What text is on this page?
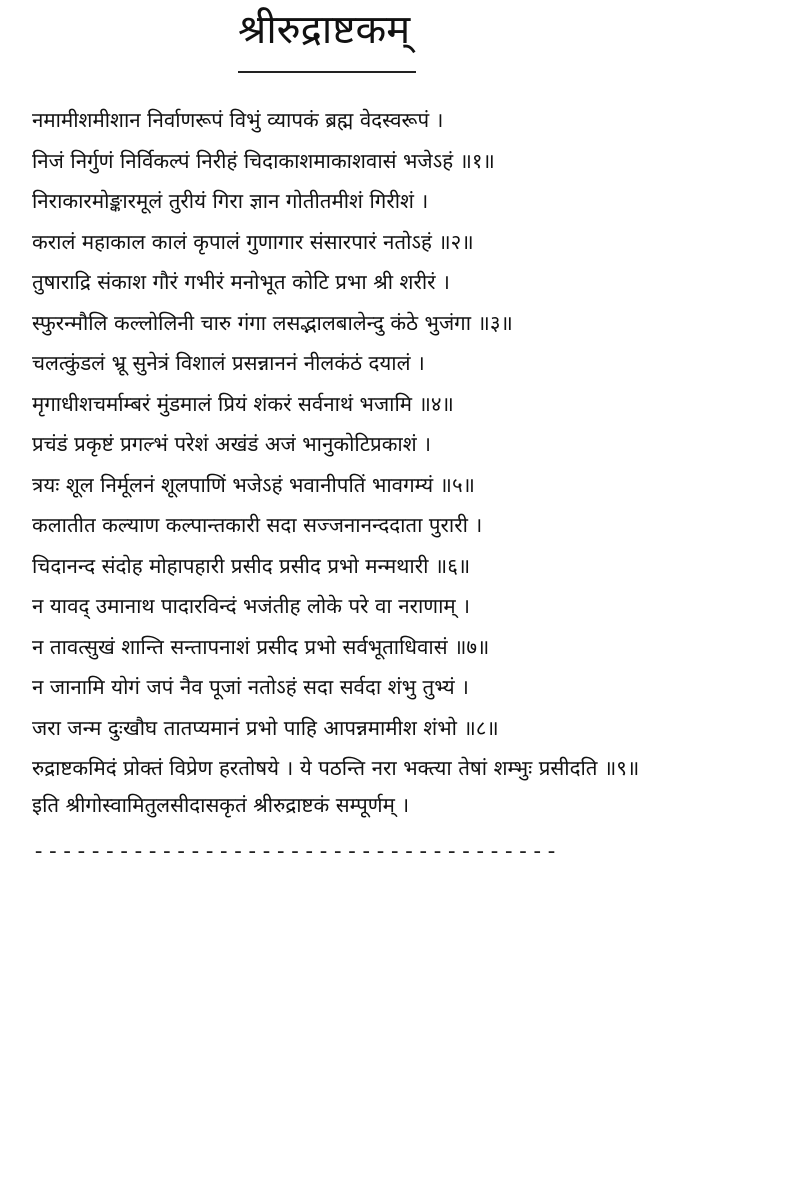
श्रीरुद्राष्टकम्
नमामीशमीशान निर्वाणरूपं विभुं व्यापकं ब्रह्म वेदस्वरूपं ।
निजं निर्गुणं निर्विकल्पं निरीहं चिदाकाशमाकाशवासं भजेऽहं ॥१॥
निराकारमोङ्कारमूलं तुरीयं गिरा ज्ञान गोतीतमीशं गिरीशं ।
करालं महाकाल कालं कृपालं गुणागार संसारपारं नतोऽहं ॥२॥
तुषाराद्रि संकाश गौरं गभीरं मनोभूत कोटि प्रभा श्री शरीरं ।
स्फुरन्मौलि कल्लोलिनी चारु गंगा लसद्भालबालेन्दु कंठे भुजंगा ॥३॥
चलत्कुंडलं भ्रू सुनेत्रं विशालं प्रसन्नाननं नीलकंठं दयालं ।
मृगाधीशचर्माम्बरं मुंडमालं प्रियं शंकरं सर्वनाथं भजामि ॥४॥
प्रचंडं प्रकृष्टं प्रगल्भं परेशं अखंडं अजं भानुकोटिप्रकाशं ।
त्रयः शूल निर्मूलनं शूलपाणिं भजेऽहं भवानीपतिं भावगम्यं ॥५॥
कलातीत कल्याण कल्पान्तकारी सदा सज्जनानन्ददाता पुरारी ।
चिदानन्द संदोह मोहापहारी प्रसीद प्रसीद प्रभो मन्मथारी ॥६॥
न यावद् उमानाथ पादारविन्दं भजंतीह लोके परे वा नराणाम् ।
न तावत्सुखं शान्ति सन्तापनाशं प्रसीद प्रभो सर्वभूताधिवासं ॥७॥
न जानामि योगं जपं नैव पूजां नतोऽहं सदा सर्वदा शंभु तुभ्यं ।
जरा जन्म दुःखौघ तातप्यमानं प्रभो पाहि आपन्नमामीश शंभो ॥८॥
रुद्राष्टकमिदं प्रोक्तं विप्रेण हरतोषये । ये पठन्ति नरा भक्त्या तेषां शम्भुः प्रसीदति ॥९॥
इति श्रीगोस्वामितुलसीदासकृतं श्रीरुद्राष्टकं सम्पूर्णम् ।
-------------------------------------
